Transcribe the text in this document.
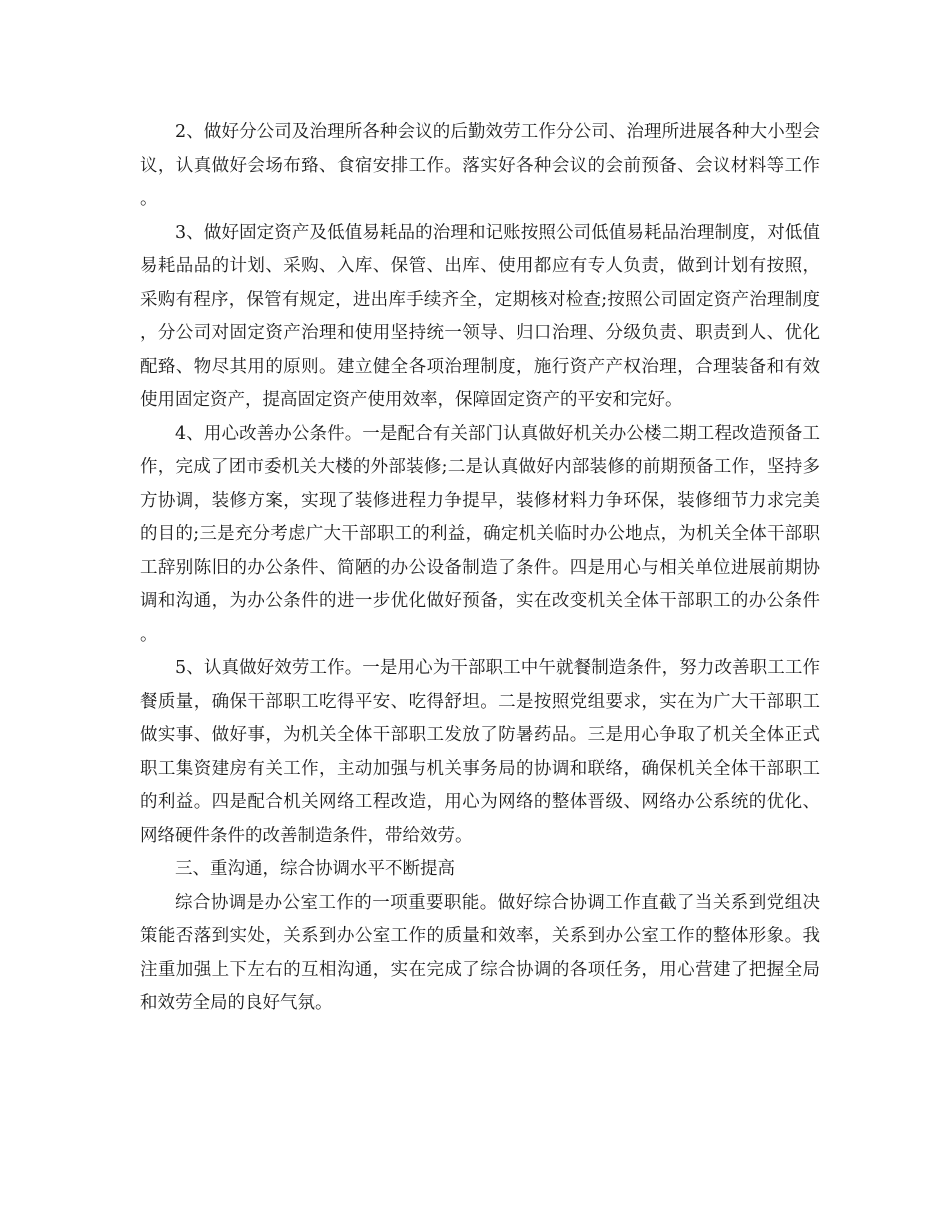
2、做好分公司及治理所各种会议的后勤效劳工作分公司、治理所进展各种大小型会议，认真做好会场布臵、食宿安排工作。落实好各种会议的会前预备、会议材料等工作。

3、做好固定资产及低值易耗品的治理和记账按照公司低值易耗品治理制度，对低值易耗品品的计划、采购、入库、保管、出库、使用都应有专人负责，做到计划有按照，采购有程序，保管有规定，进出库手续齐全，定期核对检查;按照公司固定资产治理制度，分公司对固定资产治理和使用坚持统一领导、归口治理、分级负责、职责到人、优化配臵、物尽其用的原则。建立健全各项治理制度，施行资产产权治理，合理装备和有效使用固定资产，提高固定资产使用效率，保障固定资产的平安和完好。

4、用心改善办公条件。一是配合有关部门认真做好机关办公楼二期工程改造预备工作，完成了团市委机关大楼的外部装修;二是认真做好内部装修的前期预备工作，坚持多方协调，装修方案，实现了装修进程力争提早，装修材料力争环保，装修细节力求完美的目的;三是充分考虑广大干部职工的利益，确定机关临时办公地点，为机关全体干部职工辞别陈旧的办公条件、简陋的办公设备制造了条件。四是用心与相关单位进展前期协调和沟通，为办公条件的进一步优化做好预备，实在改变机关全体干部职工的办公条件。

5、认真做好效劳工作。一是用心为干部职工中午就餐制造条件，努力改善职工工作餐质量，确保干部职工吃得平安、吃得舒坦。二是按照党组要求，实在为广大干部职工做实事、做好事，为机关全体干部职工发放了防暑药品。三是用心争取了机关全体正式职工集资建房有关工作，主动加强与机关事务局的协调和联络，确保机关全体干部职工的利益。四是配合机关网络工程改造，用心为网络的整体晋级、网络办公系统的优化、网络硬件条件的改善制造条件，带给效劳。

三、重沟通，综合协调水平不断提高

综合协调是办公室工作的一项重要职能。做好综合协调工作直截了当关系到党组决策能否落到实处，关系到办公室工作的质量和效率，关系到办公室工作的整体形象。我注重加强上下左右的互相沟通，实在完成了综合协调的各项任务，用心营建了把握全局和效劳全局的良好气氛。
